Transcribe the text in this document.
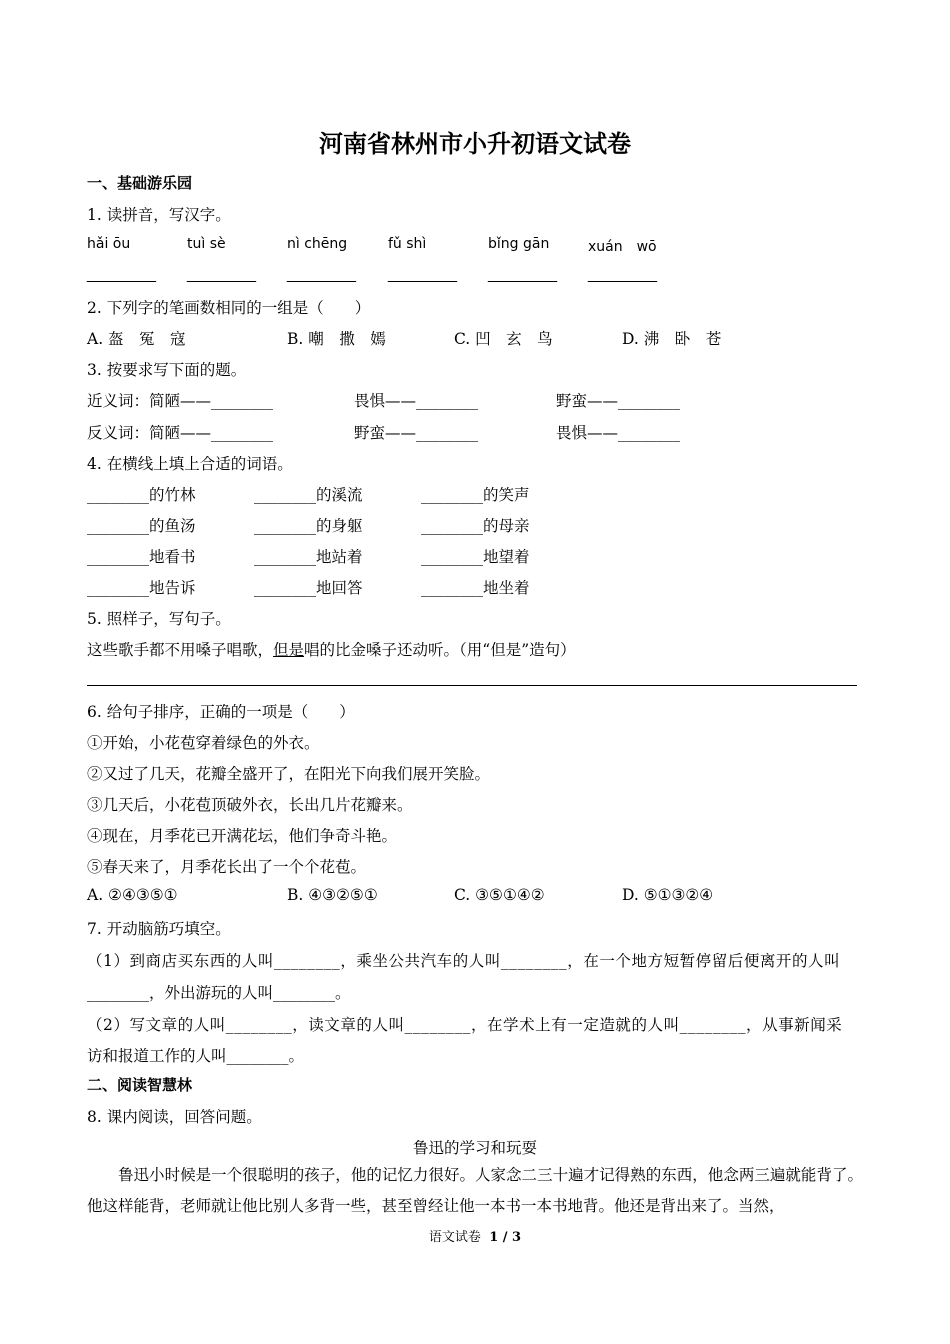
河南省林州市小升初语文试卷
一、基础游乐园
1. 读拼音，写汉字。
hǎi ōu	tuì sè	nì chēng	fǔ shì	bǐng gān	xuán　wō
________ ________ ________ ________ ________ ________
2. 下列字的笔画数相同的一组是（　　）
A. 盔　冤　寇	B. 嘲　撒　嫣	C. 凹　玄　鸟	D. 沸　卧　苍
3. 按要求写下面的题。
近义词：简陋——________	畏惧——________	野蛮——________
反义词：简陋——________	野蛮——________	畏惧——________
4. 在横线上填上合适的词语。
________的竹林	________的溪流	________的笑声
________的鱼汤	________的身躯	________的母亲
________地看书	________地站着	________地望着
________地告诉	________地回答	________地坐着
5. 照样子，写句子。
这些歌手都不用嗓子唱歌，但是唱的比金嗓子还动听。（用“但是”造句）
6. 给句子排序，正确的一项是（　　）
①开始，小花苞穿着绿色的外衣。
②又过了几天，花瓣全盛开了，在阳光下向我们展开笑脸。
③几天后，小花苞顶破外衣，长出几片花瓣来。
④现在，月季花已开满花坛，他们争奇斗艳。
⑤春天来了，月季花长出了一个个花苞。
A. ②④③⑤①	B. ④③②⑤①	C. ③⑤①④②	D. ⑤①③②④
7. 开动脑筋巧填空。
（1）到商店买东西的人叫________，乘坐公共汽车的人叫________，在一个地方短暂停留后便离开的人叫
________，外出游玩的人叫________。
（2）写文章的人叫________，读文章的人叫________，在学术上有一定造就的人叫________，从事新闻采
访和报道工作的人叫________。
二、阅读智慧林
8. 课内阅读，回答问题。
鲁迅的学习和玩耍
鲁迅小时候是一个很聪明的孩子，他的记忆力很好。人家念二三十遍才记得熟的东西，他念两三遍就能背了。他这样能背，老师就让他比别人多背一些，甚至曾经让他一本书一本书地背。他还是背出来了。当然，
语文试卷 1 / 3
